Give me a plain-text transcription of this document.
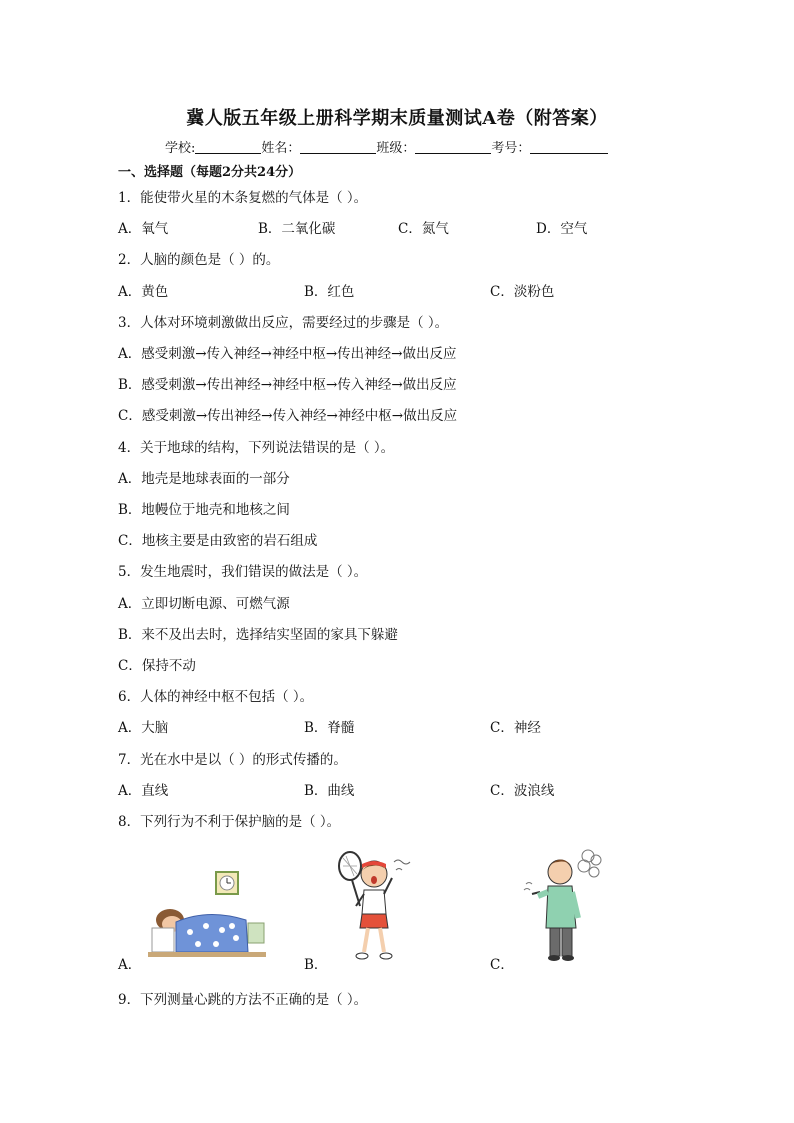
冀人版五年级上册科学期末质量测试A卷（附答案）
学校:	姓名：	班级：	考号：
一、选择题（每题2分共24分）
1．能使带火星的木条复燃的气体是（ ）。
A．氧气	B．二氧化碳	C．氮气	D．空气
2．人脑的颜色是（ ）的。
A．黄色	B．红色	C．淡粉色
3．人体对环境刺激做出反应，需要经过的步骤是（ ）。
A．感受刺激→传入神经→神经中枢→传出神经→做出反应
B．感受刺激→传出神经→神经中枢→传入神经→做出反应
C．感受刺激→传出神经→传入神经→神经中枢→做出反应
4．关于地球的结构，下列说法错误的是（ ）。
A．地壳是地球表面的一部分
B．地幔位于地壳和地核之间
C．地核主要是由致密的岩石组成
5．发生地震时，我们错误的做法是（ ）。
A．立即切断电源、可燃气源
B．来不及出去时，选择结实坚固的家具下躲避
C．保持不动
6．人体的神经中枢不包括（ ）。
A．大脑	B．脊髓	C．神经
7．光在水中是以（ ）的形式传播的。
A．直线	B．曲线	C．波浪线
8．下列行为不利于保护脑的是（ ）。
A．	B．	C．
9．下列测量心跳的方法不正确的是（ ）。
